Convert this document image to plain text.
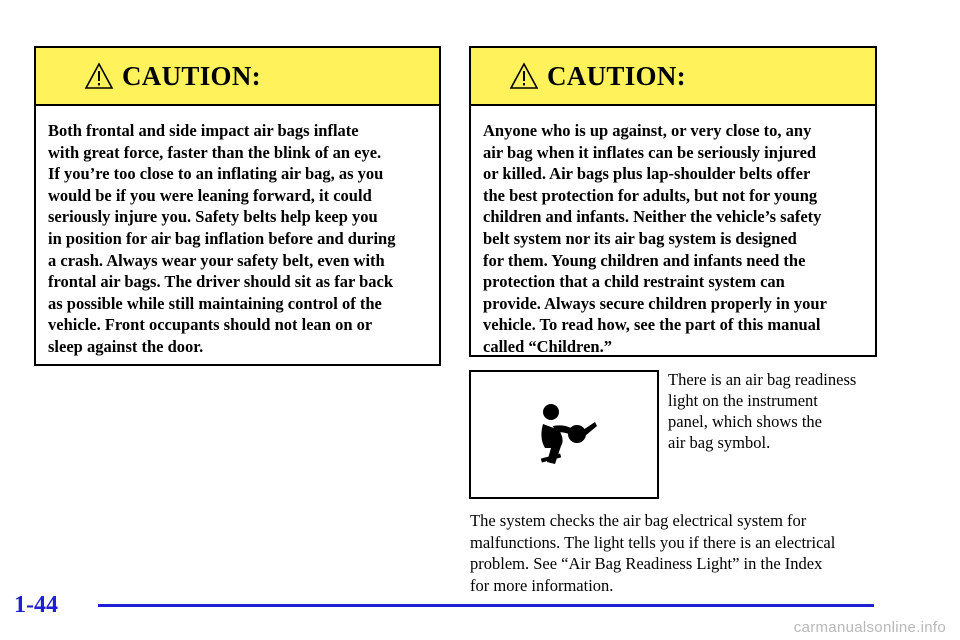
CAUTION:
Both frontal and side impact air bags inflate
with great force, faster than the blink of an eye.
If you’re too close to an inflating air bag, as you
would be if you were leaning forward, it could
seriously injure you. Safety belts help keep you
in position for air bag inflation before and during
a crash. Always wear your safety belt, even with
frontal air bags. The driver should sit as far back
as possible while still maintaining control of the
vehicle. Front occupants should not lean on or
sleep against the door.
CAUTION:
Anyone who is up against, or very close to, any
air bag when it inflates can be seriously injured
or killed. Air bags plus lap-shoulder belts offer
the best protection for adults, but not for young
children and infants. Neither the vehicle’s safety
belt system nor its air bag system is designed
for them. Young children and infants need the
protection that a child restraint system can
provide. Always secure children properly in your
vehicle. To read how, see the part of this manual
called “Children.”
There is an air bag readiness
light on the instrument
panel, which shows the
air bag symbol.
The system checks the air bag electrical system for
malfunctions. The light tells you if there is an electrical
problem. See “Air Bag Readiness Light” in the Index
for more information.
1-44
carmanualsonline.info
